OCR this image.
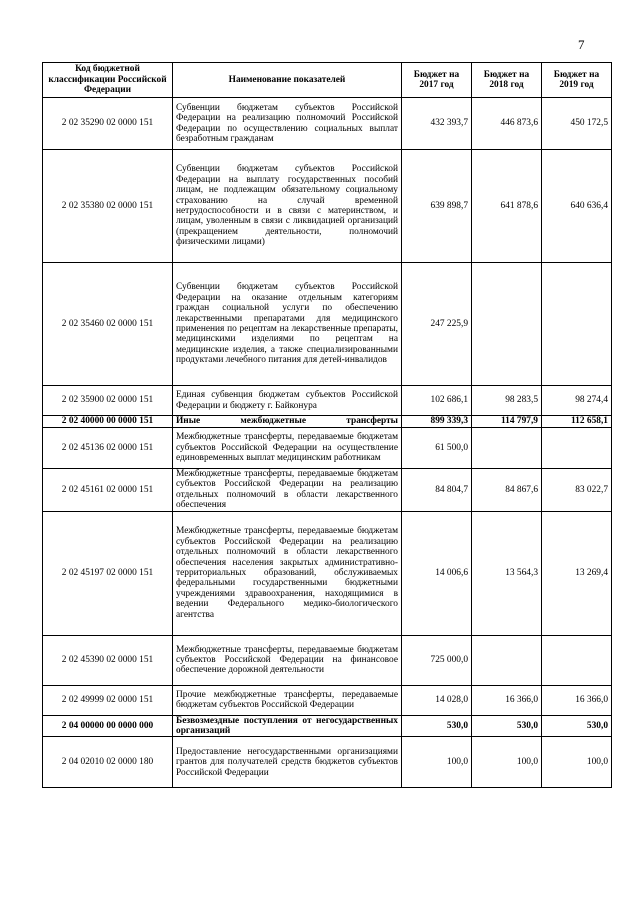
7
Код бюджетной классификации Российской Федерации	Наименование показателей	Бюджет на 2017 год	Бюджет на 2018 год	Бюджет на 2019 год
2 02 35290 02 0000 151	Субвенции бюджетам субъектов Российской Федерации на реализацию полномочий Российской Федерации по осуществлению социальных выплат безработным гражданам	432 393,7	446 873,6	450 172,5
2 02 35380 02 0000 151	Субвенции бюджетам субъектов Российской Федерации на выплату государственных пособий лицам, не подлежащим обязательному социальному страхованию на случай временной нетрудоспособности и в связи с материнством, и лицам, уволенным в связи с ликвидацией организаций (прекращением деятельности, полномочий физическими лицами)	639 898,7	641 878,6	640 636,4
2 02 35460 02 0000 151	Субвенции бюджетам субъектов Российской Федерации на оказание отдельным категориям граждан социальной услуги по обеспечению лекарственными препаратами для медицинского применения по рецептам на лекарственные препараты, медицинскими изделиями по рецептам на медицинские изделия, а также специализированными продуктами лечебного питания для детей-инвалидов	247 225,9		
2 02 35900 02 0000 151	Единая субвенция бюджетам субъектов Российской Федерации и бюджету г. Байконура	102 686,1	98 283,5	98 274,4
2 02 40000 00 0000 151	Иные межбюджетные трансферты	899 339,3	114 797,9	112 658,1
2 02 45136 02 0000 151	Межбюджетные трансферты, передаваемые бюджетам субъектов Российской Федерации на осуществление единовременных выплат медицинским работникам	61 500,0		
2 02 45161 02 0000 151	Межбюджетные трансферты, передаваемые бюджетам субъектов Российской Федерации на реализацию отдельных полномочий в области лекарственного обеспечения	84 804,7	84 867,6	83 022,7
2 02 45197 02 0000 151	Межбюджетные трансферты, передаваемые бюджетам субъектов Российской Федерации на реализацию отдельных полномочий в области лекарственного обеспечения населения закрытых административно-территориальных образований, обслуживаемых федеральными государственными бюджетными учреждениями здравоохранения, находящимися в ведении Федерального медико-биологического агентства	14 006,6	13 564,3	13 269,4
2 02 45390 02 0000 151	Межбюджетные трансферты, передаваемые бюджетам субъектов Российской Федерации на финансовое обеспечение дорожной деятельности	725 000,0		
2 02 49999 02 0000 151	Прочие межбюджетные трансферты, передаваемые бюджетам субъектов Российской Федерации	14 028,0	16 366,0	16 366,0
2 04 00000 00 0000 000	Безвозмездные поступления от негосударственных организаций	530,0	530,0	530,0
2 04 02010 02 0000 180	Предоставление негосударственными организациями грантов для получателей средств бюджетов субъектов Российской Федерации	100,0	100,0	100,0
